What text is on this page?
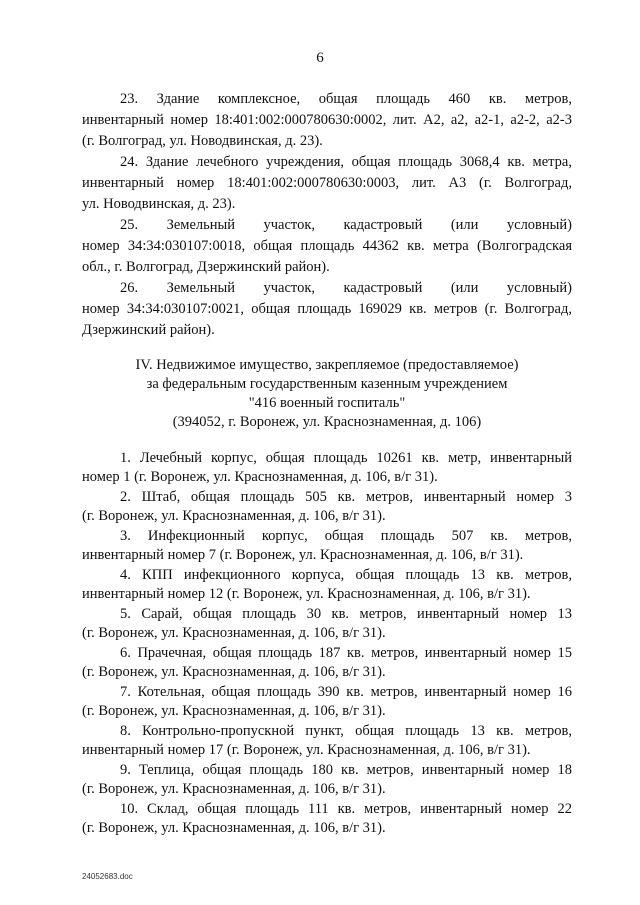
6
23. Здание комплексное, общая площадь 460 кв. метров,
инвентарный номер 18:401:002:000780630:0002, лит. А2, а2, а2-1, а2-2, а2-3
(г. Волгоград, ул. Новодвинская, д. 23).
24. Здание лечебного учреждения, общая площадь 3068,4 кв. метра,
инвентарный номер 18:401:002:000780630:0003, лит. А3 (г. Волгоград,
ул. Новодвинская, д. 23).
25. Земельный участок, кадастровый (или условный)
номер 34:34:030107:0018, общая площадь 44362 кв. метра (Волгоградская
обл., г. Волгоград, Дзержинский район).
26. Земельный участок, кадастровый (или условный)
номер 34:34:030107:0021, общая площадь 169029 кв. метров (г. Волгоград,
Дзержинский район).
IV. Недвижимое имущество, закрепляемое (предоставляемое)
за федеральным государственным казенным учреждением
"416 военный госпиталь"
(394052, г. Воронеж, ул. Краснознаменная, д. 106)
1. Лечебный корпус, общая площадь 10261 кв. метр, инвентарный
номер 1 (г. Воронеж, ул. Краснознаменная, д. 106, в/г 31).
2. Штаб, общая площадь 505 кв. метров, инвентарный номер 3
(г. Воронеж, ул. Краснознаменная, д. 106, в/г 31).
3. Инфекционный корпус, общая площадь 507 кв. метров,
инвентарный номер 7 (г. Воронеж, ул. Краснознаменная, д. 106, в/г 31).
4. КПП инфекционного корпуса, общая площадь 13 кв. метров,
инвентарный номер 12 (г. Воронеж, ул. Краснознаменная, д. 106, в/г 31).
5. Сарай, общая площадь 30 кв. метров, инвентарный номер 13
(г. Воронеж, ул. Краснознаменная, д. 106, в/г 31).
6. Прачечная, общая площадь 187 кв. метров, инвентарный номер 15
(г. Воронеж, ул. Краснознаменная, д. 106, в/г 31).
7. Котельная, общая площадь 390 кв. метров, инвентарный номер 16
(г. Воронеж, ул. Краснознаменная, д. 106, в/г 31).
8. Контрольно-пропускной пункт, общая площадь 13 кв. метров,
инвентарный номер 17 (г. Воронеж, ул. Краснознаменная, д. 106, в/г 31).
9. Теплица, общая площадь 180 кв. метров, инвентарный номер 18
(г. Воронеж, ул. Краснознаменная, д. 106, в/г 31).
10. Склад, общая площадь 111 кв. метров, инвентарный номер 22
(г. Воронеж, ул. Краснознаменная, д. 106, в/г 31).
24052683.doc
